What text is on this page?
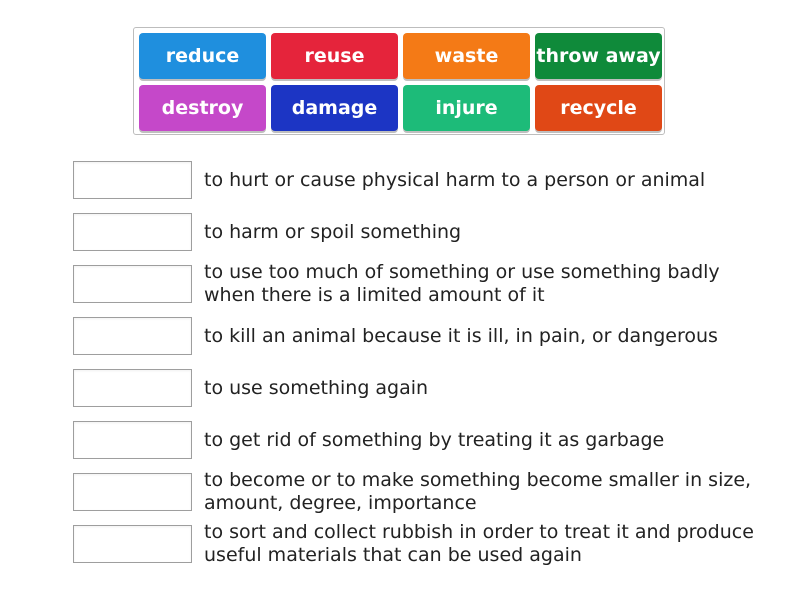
reduce	reuse	waste	throw away
destroy	damage	injure	recycle
to hurt or cause physical harm to a person or animal
to harm or spoil something
to use too much of something or use something badly when there is a limited amount of it
to kill an animal because it is ill, in pain, or dangerous
to use something again
to get rid of something by treating it as garbage
to become or to make something become smaller in size, amount, degree, importance
to sort and collect rubbish in order to treat it and produce useful materials that can be used again
